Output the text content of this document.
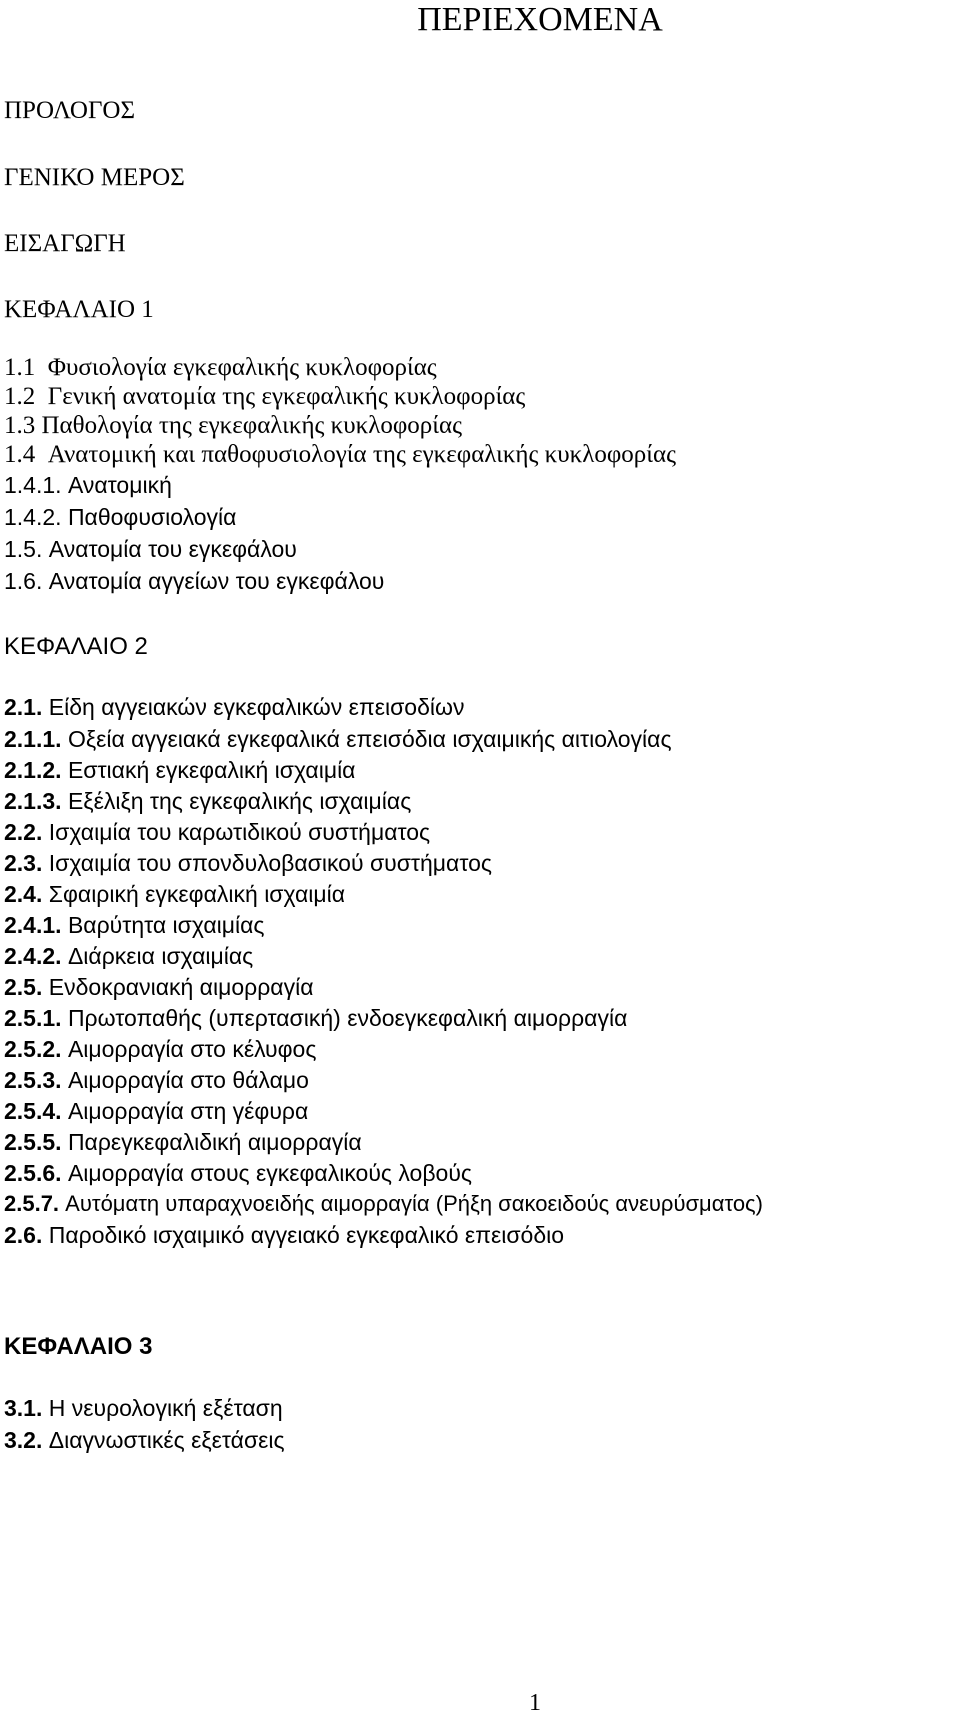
ΠΕΡΙΕΧΟΜΕΝΑ
ΠΡΟΛΟΓΟΣ
ΓΕΝΙΚΟ ΜΕΡΟΣ
ΕΙΣΑΓΩΓΗ
ΚΕΦΑΛΑΙΟ 1
1.1 Φυσιολογία εγκεφαλικής κυκλοφορίας
1.2 Γενική ανατομία της εγκεφαλικής κυκλοφορίας
1.3 Παθολογία της εγκεφαλικής κυκλοφορίας
1.4 Ανατομική και παθοφυσιολογία της εγκεφαλικής κυκλοφορίας
1.4.1. Ανατομική
1.4.2. Παθοφυσιολογία
1.5. Ανατομία του εγκεφάλου
1.6. Ανατομία αγγείων του εγκεφάλου
ΚΕΦΑΛΑΙΟ 2
2.1. Είδη αγγειακών εγκεφαλικών επεισοδίων
2.1.1. Οξεία αγγειακά εγκεφαλικά επεισόδια ισχαιμικής αιτιολογίας
2.1.2. Εστιακή εγκεφαλική ισχαιμία
2.1.3. Εξέλιξη της εγκεφαλικής ισχαιμίας
2.2. Ισχαιμία του καρωτιδικού συστήματος
2.3. Ισχαιμία του σπονδυλοβασικού συστήματος
2.4. Σφαιρική εγκεφαλική ισχαιμία
2.4.1. Βαρύτητα ισχαιμίας
2.4.2. Διάρκεια ισχαιμίας
2.5. Ενδοκρανιακή αιμορραγία
2.5.1. Πρωτοπαθής (υπερτασική) ενδοεγκεφαλική αιμορραγία
2.5.2. Αιμορραγία στο κέλυφος
2.5.3. Αιμορραγία στο θάλαμο
2.5.4. Αιμορραγία στη γέφυρα
2.5.5. Παρεγκεφαλιδική αιμορραγία
2.5.6. Αιμορραγία στους εγκεφαλικούς λοβούς
2.5.7. Αυτόματη υπαραχνοειδής αιμορραγία (Ρήξη σακοειδούς ανευρύσματος)
2.6. Παροδικό ισχαιμικό αγγειακό εγκεφαλικό επεισόδιο
ΚΕΦΑΛΑΙΟ 3
3.1. Η νευρολογική εξέταση
3.2. Διαγνωστικές εξετάσεις
1
